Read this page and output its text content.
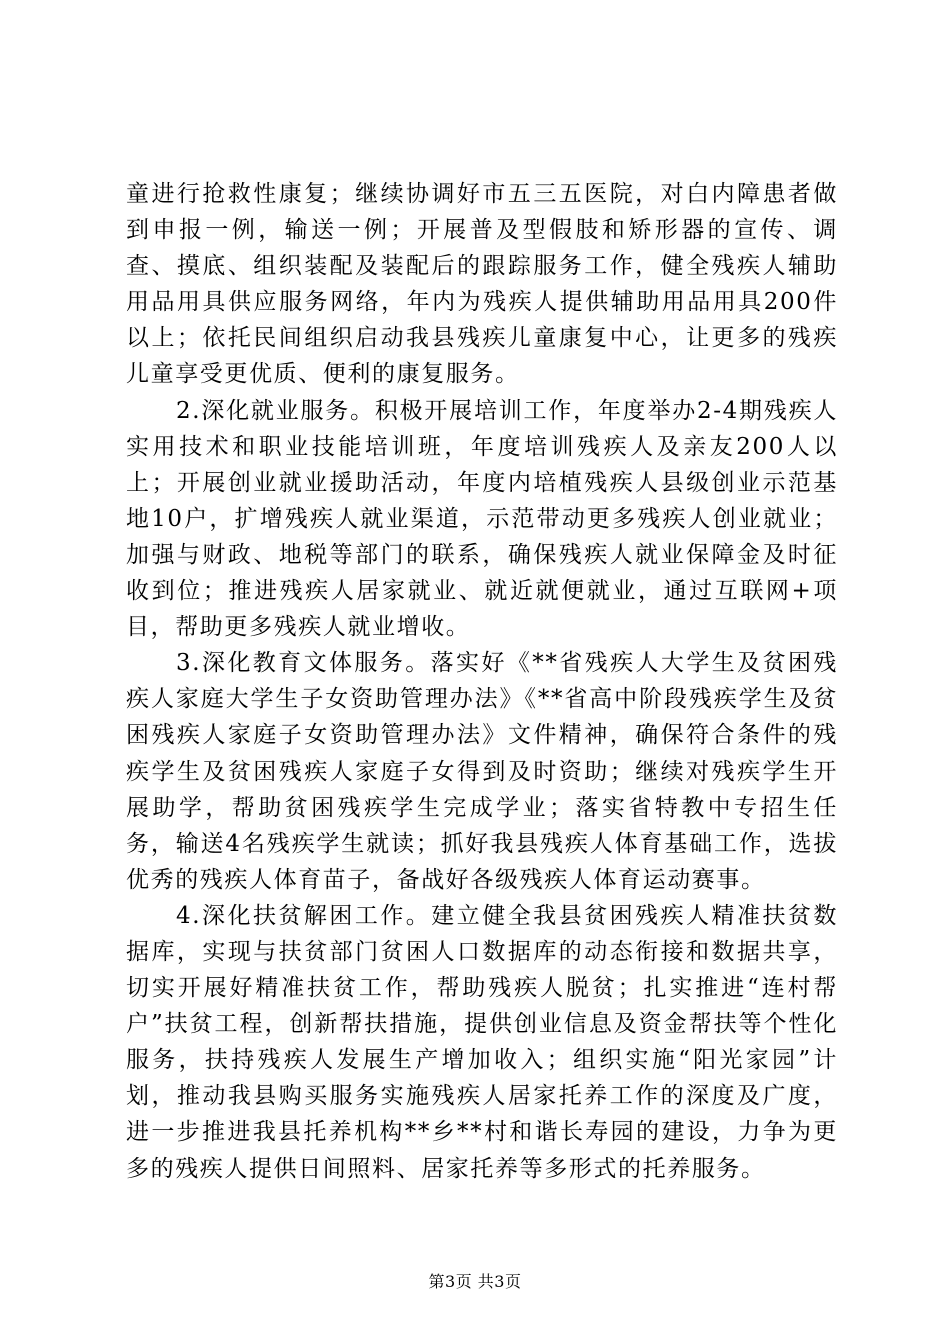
童进行抢救性康复；继续协调好市五三五医院，对白内障患者做到申报一例，输送一例；开展普及型假肢和矫形器的宣传、调查、摸底、组织装配及装配后的跟踪服务工作，健全残疾人辅助用品用具供应服务网络，年内为残疾人提供辅助用品用具200件以上；依托民间组织启动我县残疾儿童康复中心，让更多的残疾儿童享受更优质、便利的康复服务。

2.深化就业服务。积极开展培训工作，年度举办2-4期残疾人实用技术和职业技能培训班，年度培训残疾人及亲友200人以上；开展创业就业援助活动，年度内培植残疾人县级创业示范基地10户，扩增残疾人就业渠道，示范带动更多残疾人创业就业；加强与财政、地税等部门的联系，确保残疾人就业保障金及时征收到位；推进残疾人居家就业、就近就便就业，通过互联网+项目，帮助更多残疾人就业增收。

3.深化教育文体服务。落实好《**省残疾人大学生及贫困残疾人家庭大学生子女资助管理办法》《**省高中阶段残疾学生及贫困残疾人家庭子女资助管理办法》文件精神，确保符合条件的残疾学生及贫困残疾人家庭子女得到及时资助；继续对残疾学生开展助学，帮助贫困残疾学生完成学业；落实省特教中专招生任务，输送4名残疾学生就读；抓好我县残疾人体育基础工作，选拔优秀的残疾人体育苗子，备战好各级残疾人体育运动赛事。

4.深化扶贫解困工作。建立健全我县贫困残疾人精准扶贫数据库，实现与扶贫部门贫困人口数据库的动态衔接和数据共享，切实开展好精准扶贫工作，帮助残疾人脱贫；扎实推进“连村帮户”扶贫工程，创新帮扶措施，提供创业信息及资金帮扶等个性化服务，扶持残疾人发展生产增加收入；组织实施“阳光家园”计划，推动我县购买服务实施残疾人居家托养工作的深度及广度，进一步推进我县托养机构**乡**村和谐长寿园的建设，力争为更多的残疾人提供日间照料、居家托养等多形式的托养服务。

第3页 共3页
